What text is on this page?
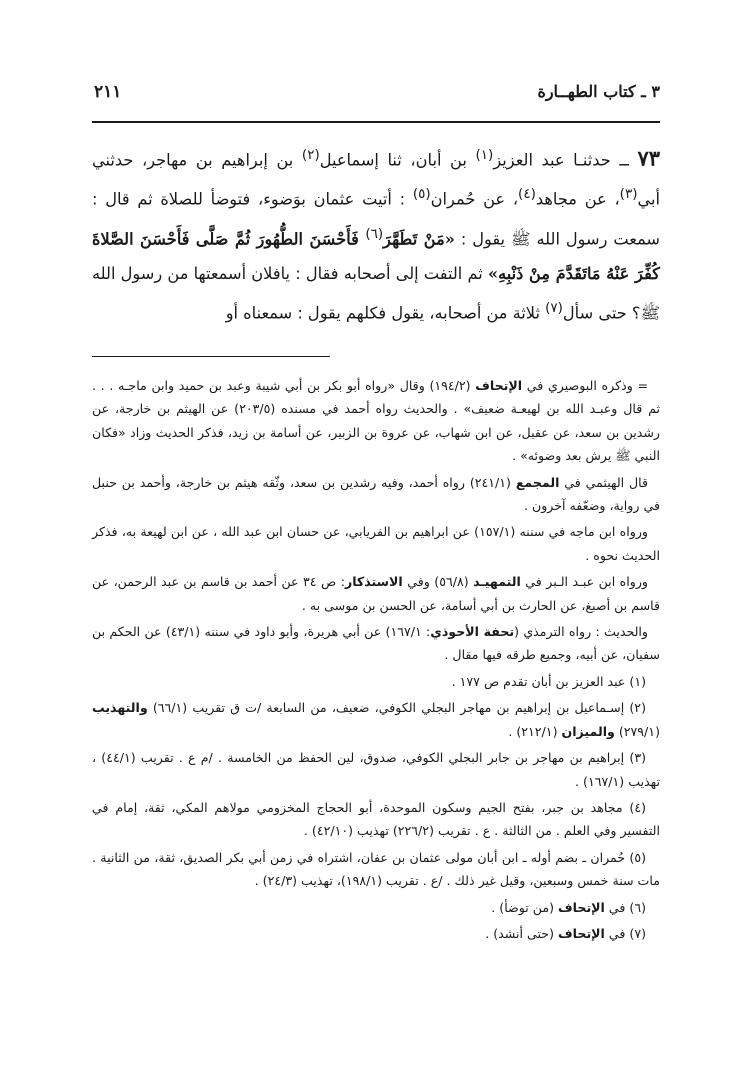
٣ ـ كتاب الطهــارة
٢١١
٧٣ ــ حدثنـا عبد العزيز$^{(١)}$ بن أبان، ثنا إسماعيل$^{(٢)}$ بن إبراهيم بن مهاجر، حدثني أبي$^{(٣)}$، عن مجاهد$^{(٤)}$، عن حُمران$^{(٥)}$ : أتيت عثمان بوَضوء، فتوضأ للصلاة ثم قال : سمعت رسول الله ﷺ يقول : «مَنْ تَطَهَّرَ$^{(٦)}$ فَأَحْسَنَ الطُّهُورَ ثُمَّ صَلَّى فَأَحْسَنَ الصَّلاةَ كُفِّرَ عَنْهُ مَاتَقَدَّمَ مِنْ ذَنْبِهِ» ثم التفت إلى أصحابه فقال : يافلان أسمعتها من رسول الله ﷺ؟ حتى سأل$^{(٧)}$ ثلاثة من أصحابه، يقول فكلهم يقول : سمعناه أو

= وذكره البوصيري في الإتحاف (١٩٤/٢) وقال «رواه أبو بكر بن أبي شيبة وعبد بن حميد وابن ماجـه . . . ثم قال وعبـد الله بن لهيعـة ضعيف» . والحديث رواه أحمد في مسنده (٢٠٣/٥) عن الهيثم بن خارجة، عن رشدين بن سعد، عن عقيل، عن ابن شهاب، عن عروة بن الزبير، عن أسامة بن زيد، فذكر الحديث وزاد «فكان النبي ﷺ يرش بعد وضوئه» .

قال الهيثمي في المجمع (٢٤١/١) رواه أحمد، وفيه رشدين بن سعد، وثّقه هيثم بن خارجة، وأحمد بن حنبل في رواية، وضعّفه آخرون .

ورواه ابن ماجه في سننه (١٥٧/١) عن ابراهيم بن الفريابي، عن حسان ابن عبد الله ، عن ابن لهيعة به، فذكر الحديث نحوه .

ورواه ابن عبـد الـبر في التمهيـد (٥٦/٨) وفي الاستذكار: ص ٣٤ عن أحمد بن قاسم بن عبد الرحمن، عن قاسم بن أصبغ، عن الحارث بن أبي أسامة، عن الحسن بن موسى به .

والحديث : رواه الترمذي (تحفة الأحوذي: ١٦٧/١) عن أبي هريرة، وأبو داود في سننه (٤٣/١) عن الحكم بن سفيان، عن أبيه، وجميع طرقه فيها مقال .

(١) عبد العزيز بن أبان تقدم ص ١٧٧ .

(٢) إسـماعيل بن إبراهيم بن مهاجر البجلي الكوفي، ضعيف، من السابعة /ت ق تقريب (٦٦/١) والتهذيب (٢٧٩/١) والميزان (٢١٢/١) .

(٣) إبراهيم بن مهاجر بن جابر البجلي الكوفي، صدوق، لين الحفظ من الخامسة . /م ع . تقريب (٤٤/١) ، تهذيب (١٦٧/١) .

(٤) مجاهد بن جبر، بفتح الجيم وسكون الموحدة، أبو الحجاج المخزومي مولاهم المكي، ثقة، إمام في التفسير وفي العلم . من الثالثة . ع . تقريب (٢٢٦/٢) تهذيب (٤٢/١٠) .

(٥) حُمران ـ بضم أوله ـ ابن أبان مولى عثمان بن عفان، اشتراه في زمن أبي بكر الصديق، ثقة، من الثانية . مات سنة خمس وسبعين، وقيل غير ذلك . /ع . تقريب (١٩٨/١)، تهذيب (٢٤/٣) .

(٦) في الإتحاف (من توضأ) .

(٧) في الإتحاف (حتى أنشد) .
